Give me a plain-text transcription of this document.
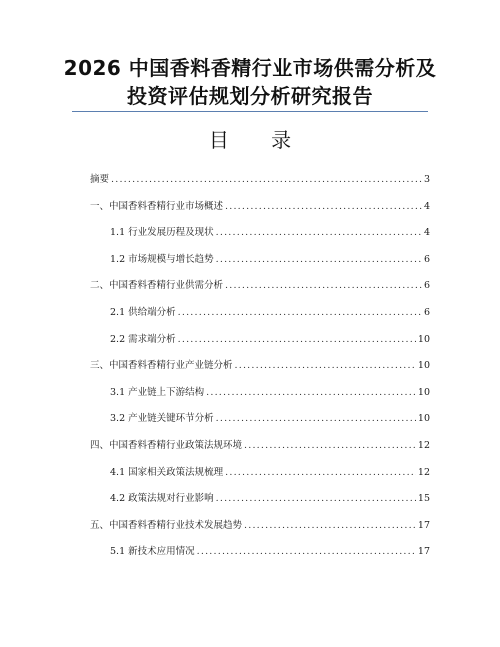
2026 中国香料香精行业市场供需分析及
投资评估规划分析研究报告
目 录
摘要 .....	3
一、中国香料香精行业市场概述 .....	4
1.1 行业发展历程及现状 .....	4
1.2 市场规模与增长趋势 .....	6
二、中国香料香精行业供需分析 .....	6
2.1 供给端分析 .....	6
2.2 需求端分析 .....	10
三、中国香料香精行业产业链分析 .....	10
3.1 产业链上下游结构 .....	10
3.2 产业链关键环节分析 .....	10
四、中国香料香精行业政策法规环境 .....	12
4.1 国家相关政策法规梳理 .....	12
4.2 政策法规对行业影响 .....	15
五、中国香料香精行业技术发展趋势 .....	17
5.1 新技术应用情况 .....	17
